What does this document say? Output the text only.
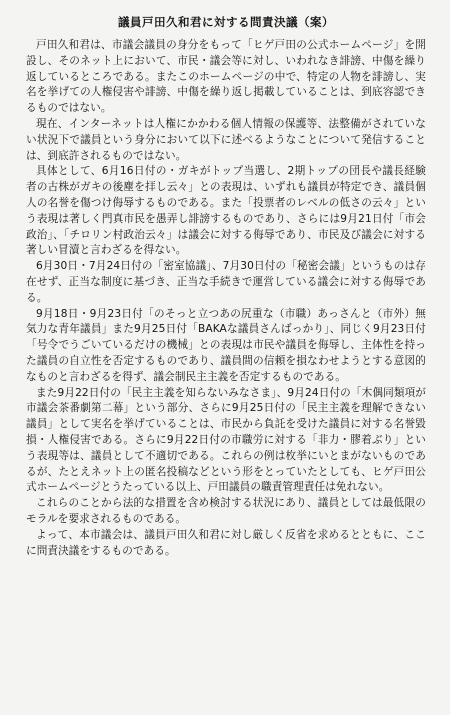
議員戸田久和君に対する問責決議（案）

戸田久和君は、市議会議員の身分をもって「ヒゲ戸田の公式ホームページ」を開設し、そのネット上において、市民・議会等に対し、いわれなき誹謗、中傷を繰り返しているところである。またこのホームページの中で、特定の人物を誹謗し、実名を挙げての人権侵害や誹謗、中傷を繰り返し掲載していることは、到底容認できるものではない。

現在、インターネットは人権にかかわる個人情報の保護等、法整備がされていない状況下で議員という身分において以下に述べるようなことについて発信することは、到底許されるものではない。

具体として、6月16日付の・ガキがトップ当選し、2期トップの団長や議長経験者の古株がガキの後塵を拝し云々」との表現は、いずれも議員が特定でき、議員個人の名誉を傷つけ侮辱するものである。また「投票者のレベルの低さの云々」という表現は著しく門真市民を愚弄し誹謗するものであり、さらには9月21日付「市会政治」、「チロリン村政治云々」は議会に対する侮辱であり、市民及び議会に対する著しい冒瀆と言わざるを得ない。

6月30日・7月24日付の「密室協議」、7月30日付の「秘密会議」というものは存在せず、正当な制度に基づき、正当な手続きで運営している議会に対する侮辱である。

9月18日・9月23日付「のそっと立つあの尻重な（市職）あっさんと（市外）無気力な青年議員」また9月25日付「BAKAな議員さんばっかり」、同じく9月23日付「号令でうごいているだけの機械」との表現は市民や議員を侮辱し、主体性を持った議員の自立性を否定するものであり、議員間の信頼を損なわせようとする意図的なものと言わざるを得ず、議会制民主主義を否定するものである。

また9月22日付の「民主主義を知らないみなさま」、9月24日付の「木偶同類項が市議会茶番劇第二幕」という部分、さらに9月25日付の「民主主義を理解できない議員」として実名を挙げていることは、市民から負託を受けた議員に対する名誉毀損・人権侵害である。さらに9月22日付の市職労に対する「非力・膠着ぶり」という表現等は、議員として不適切である。これらの例は枚挙にいとまがないものであるが、たとえネット上の匿名投稿などという形をとっていたとしても、ヒゲ戸田公式ホームページとうたっている以上、戸田議員の職責管理責任は免れない。

これらのことから法的な措置を含め検討する状況にあり、議員としては最低限のモラルを要求されるものである。

よって、本市議会は、議員戸田久和君に対し厳しく反省を求めるとともに、ここに問責決議をするものである。
